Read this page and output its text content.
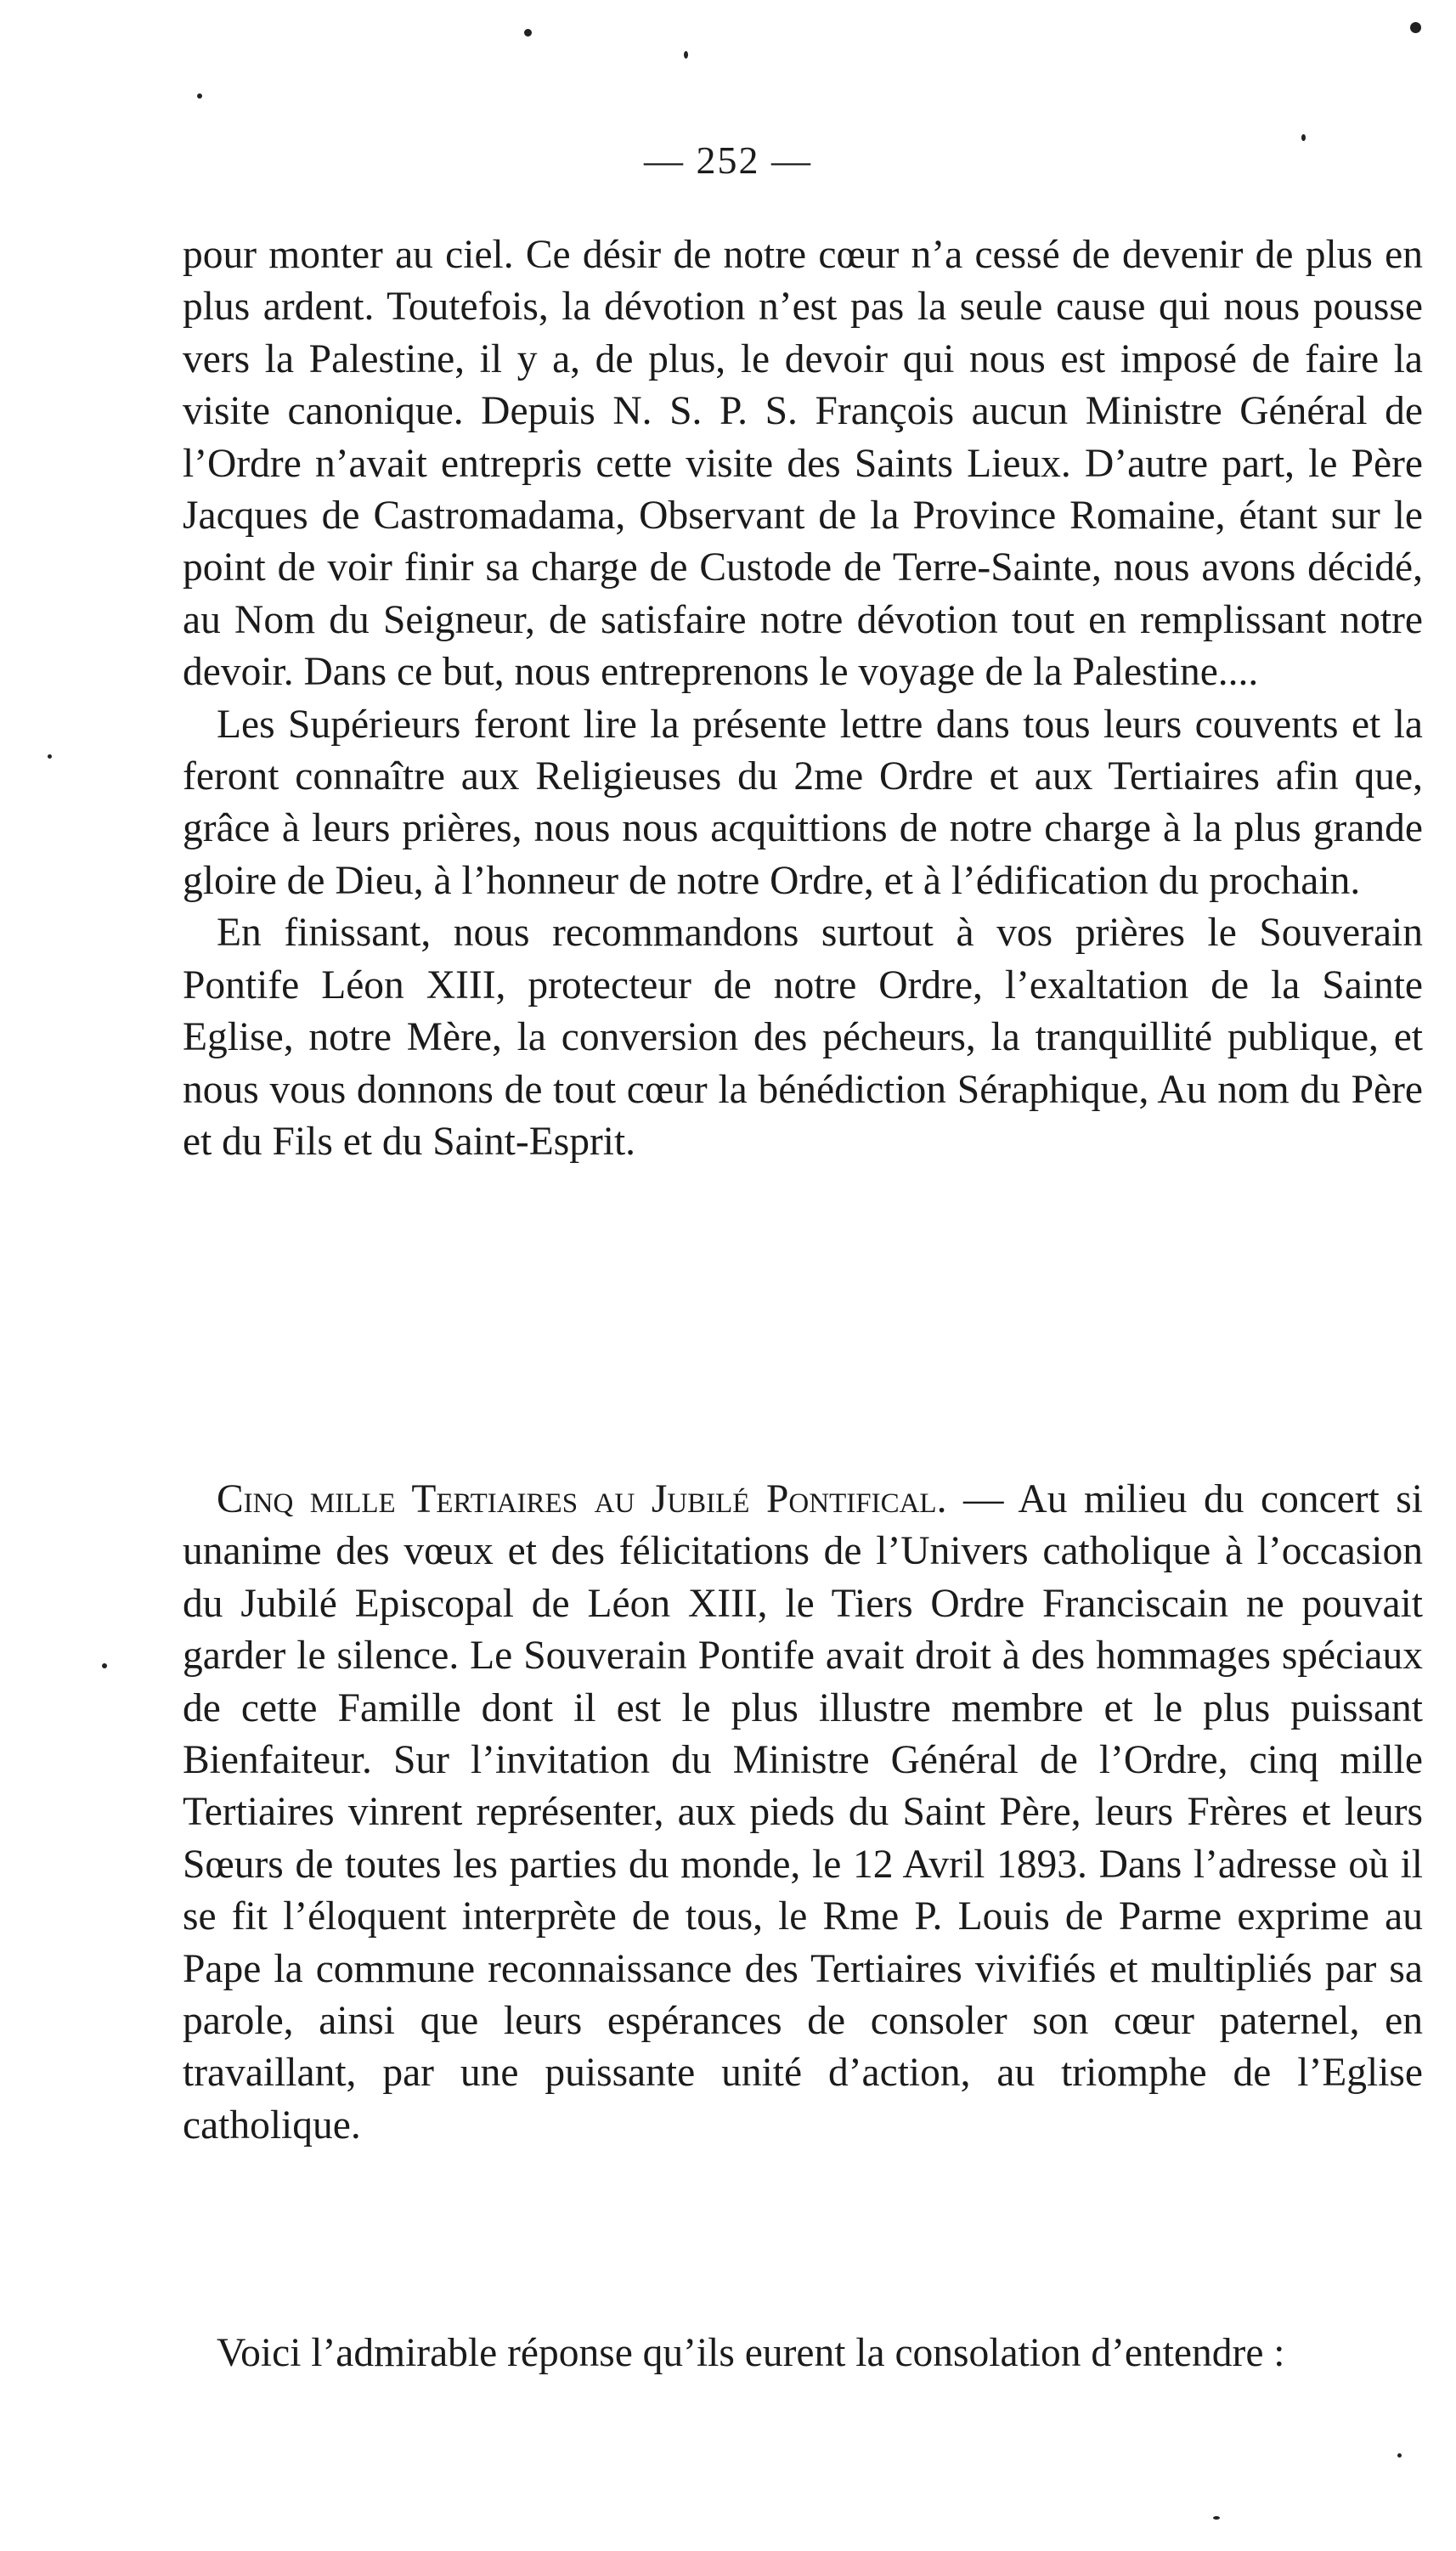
— 252 —

pour monter au ciel. Ce désir de notre cœur n’a cessé de devenir de plus en plus ardent. Toutefois, la dévotion n’est pas la seule cause qui nous pousse vers la Palestine, il y a, de plus, le devoir qui nous est imposé de faire la visite canonique. Depuis N. S. P. S. François aucun Ministre Général de l’Ordre n’avait entrepris cette visite des Saints Lieux. D’autre part, le Père Jacques de Castromadama, Observant de la Province Romaine, étant sur le point de voir finir sa charge de Custode de Terre-Sainte, nous avons décidé, au Nom du Seigneur, de satisfaire notre dévotion tout en remplissant notre devoir. Dans ce but, nous entreprenons le voyage de la Palestine....

Les Supérieurs feront lire la présente lettre dans tous leurs couvents et la feront connaître aux Religieuses du 2me Ordre et aux Tertiaires afin que, grâce à leurs prières, nous nous acquittions de notre charge à la plus grande gloire de Dieu, à l’honneur de notre Ordre, et à l’édification du prochain.

En finissant, nous recommandons surtout à vos prières le Souverain Pontife Léon XIII, protecteur de notre Ordre, l’exaltation de la Sainte Eglise, notre Mère, la conversion des pécheurs, la tranquillité publique, et nous vous donnons de tout cœur la bénédiction Séraphique, Au nom du Père et du Fils et du Saint-Esprit.

Cinq mille Tertiaires au Jubilé Pontifical. — Au milieu du concert si unanime des vœux et des félicitations de l’Univers catholique à l’occasion du Jubilé Episcopal de Léon XIII, le Tiers Ordre Franciscain ne pouvait garder le silence. Le Souverain Pontife avait droit à des hommages spéciaux de cette Famille dont il est le plus illustre membre et le plus puissant Bienfaiteur. Sur l’invitation du Ministre Général de l’Ordre, cinq mille Tertiaires vinrent représenter, aux pieds du Saint Père, leurs Frères et leurs Sœurs de toutes les parties du monde, le 12 Avril 1893. Dans l’adresse où il se fit l’éloquent interprète de tous, le Rme P. Louis de Parme exprime au Pape la commune reconnaissance des Tertiaires vivifiés et multipliés par sa parole, ainsi que leurs espérances de consoler son cœur paternel, en travaillant, par une puissante unité d’action, au triomphe de l’Eglise catholique.

Voici l’admirable réponse qu’ils eurent la consolation d’entendre :
